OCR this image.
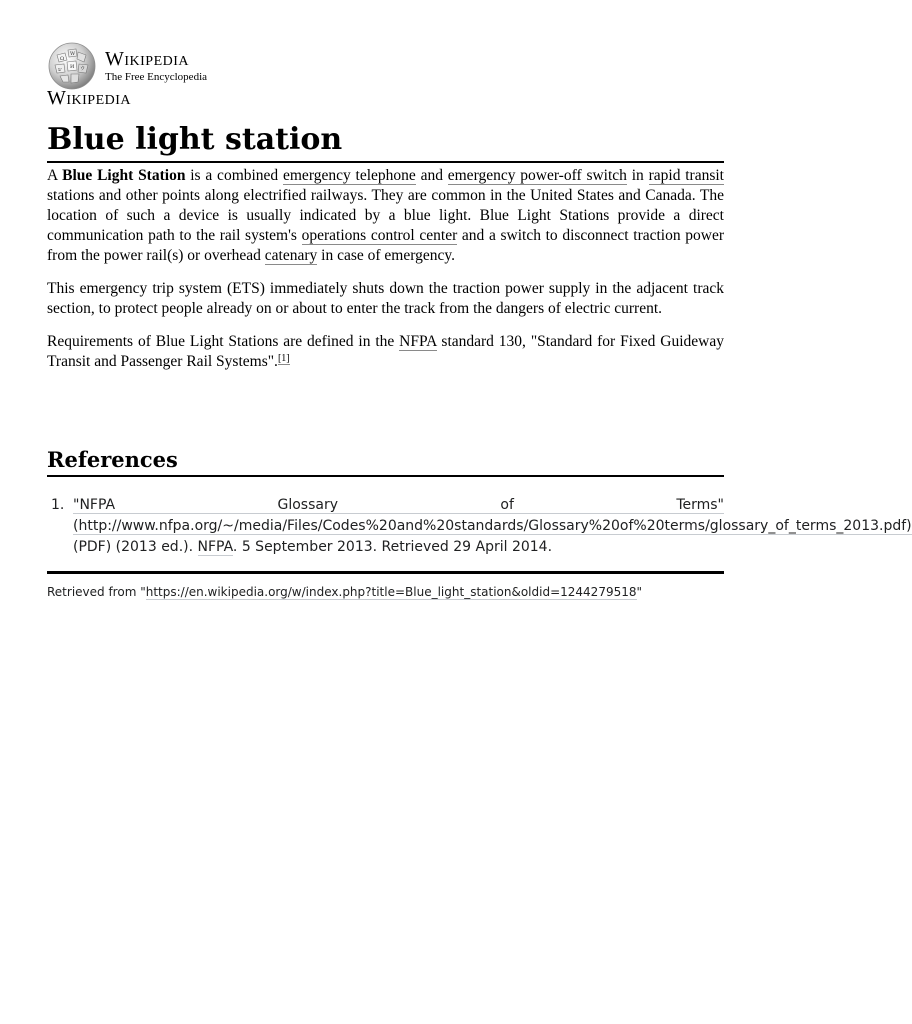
Ω
W
И ウ
ש
Wikipedia
The Free Encyclopedia
Wikipedia
Blue light station

A Blue Light Station is a combined emergency telephone and emergency power-off switch in rapid transit stations and other points along electrified railways. They are common in the United States and Canada. The location of such a device is usually indicated by a blue light. Blue Light Stations provide a direct communication path to the rail system's operations control center and a switch to disconnect traction power from the power rail(s) or overhead catenary in case of emergency.

This emergency trip system (ETS) immediately shuts down the traction power supply in the adjacent track section, to protect people already on or about to enter the track from the dangers of electric current.

Requirements of Blue Light Stations are defined in the NFPA standard 130, "Standard for Fixed Guideway Transit and Passenger Rail Systems".[1]

References
1. "NFPA Glossary of Terms" (http://www.nfpa.org/~/media/Files/Codes%20and%20standards/Glossary%20of%20terms/glossary_of_terms_2013.pdf) (PDF) (2013 ed.). NFPA. 5 September 2013. Retrieved 29 April 2014.
Retrieved from "https://en.wikipedia.org/w/index.php?title=Blue_light_station&oldid=1244279518"
